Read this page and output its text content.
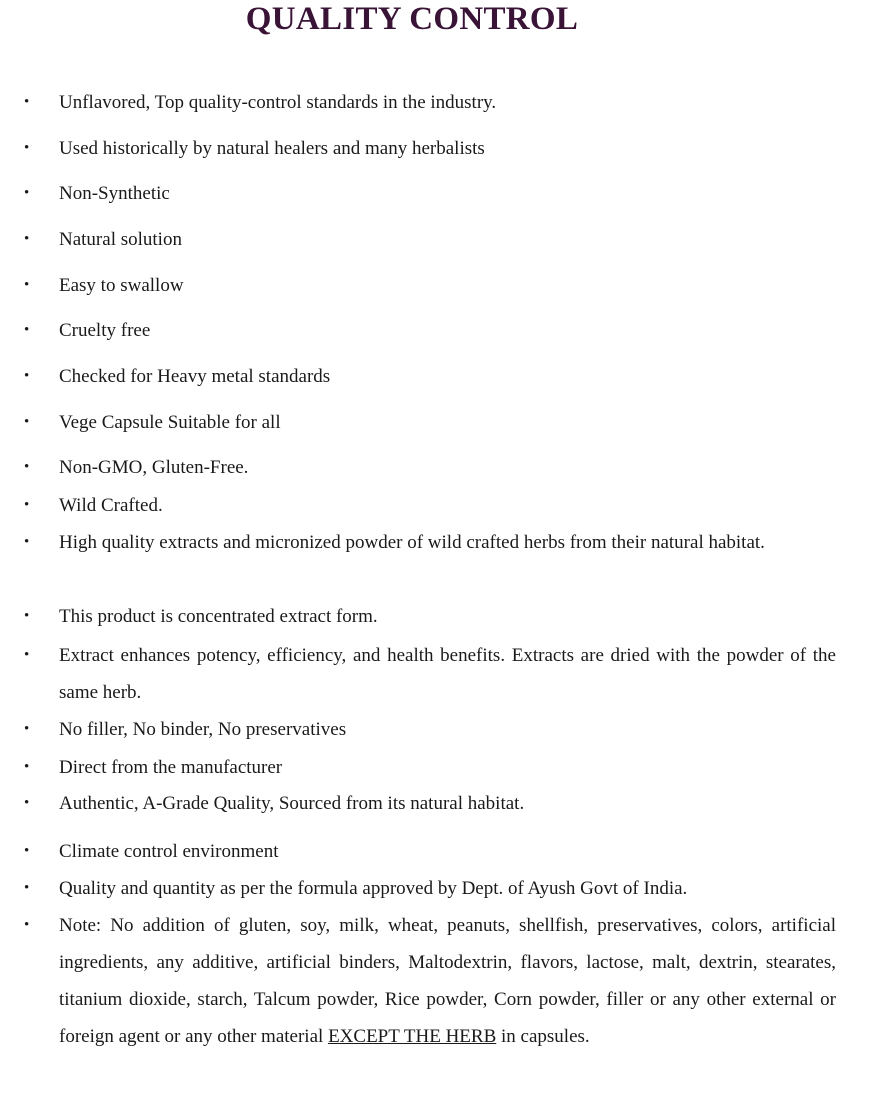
QUALITY CONTROL
•	Unflavored, Top quality-control standards in the industry.
•	Used historically by natural healers and many herbalists
•	Non-Synthetic
•	Natural solution
•	Easy to swallow
•	Cruelty free
•	Checked for Heavy metal standards
•	Vege Capsule Suitable for all
•	Non-GMO, Gluten-Free.
•	Wild Crafted.
•	High quality extracts and micronized powder of wild crafted herbs from their natural habitat.
•	This product is concentrated extract form.
•	Extract enhances potency, efficiency, and health benefits. Extracts are dried with the powder of the same herb.
•	No filler, No binder, No preservatives
•	Direct from the manufacturer
•	Authentic, A-Grade Quality, Sourced from its natural habitat.
•	Climate control environment
•	Quality and quantity as per the formula approved by Dept. of Ayush Govt of India.
•	Note: No addition of gluten, soy, milk, wheat, peanuts, shellfish, preservatives, colors, artificial ingredients, any additive, artificial binders, Maltodextrin, flavors, lactose, malt, dextrin, stearates, titanium dioxide, starch, Talcum powder, Rice powder, Corn powder, filler or any other external or foreign agent or any other material EXCEPT THE HERB in capsules.
